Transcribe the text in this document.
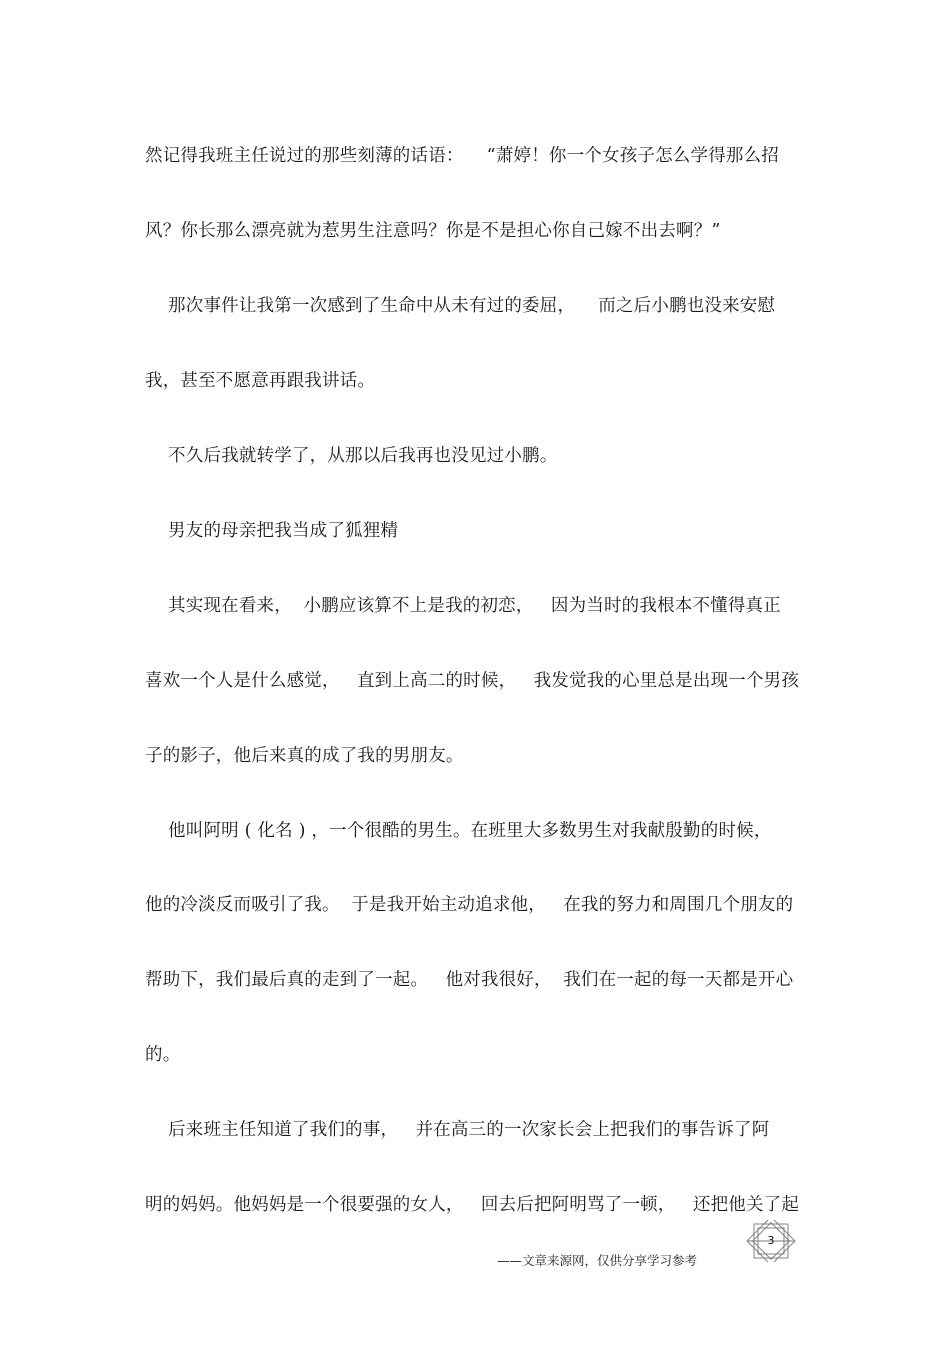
然记得我班主任说过的那些刻薄的话语：    “萧婷！你一个女孩子怎么学得那么招
风？你长那么漂亮就为惹男生注意吗？你是不是担心你自己嫁不出去啊？”
那次事件让我第一次感到了生命中从未有过的委屈，    而之后小鹏也没来安慰
我，甚至不愿意再跟我讲话。
不久后我就转学了，从那以后我再也没见过小鹏。
男友的母亲把我当成了狐狸精
其实现在看来，  小鹏应该算不上是我的初恋，   因为当时的我根本不懂得真正
喜欢一个人是什么感觉，   直到上高二的时候，   我发觉我的心里总是出现一个男孩
子的影子，他后来真的成了我的男朋友。
他叫阿明 ( 化名 ) ，一个很酷的男生。在班里大多数男生对我献殷勤的时候，
他的冷淡反而吸引了我。  于是我开始主动追求他，   在我的努力和周围几个朋友的
帮助下，我们最后真的走到了一起。   他对我很好，  我们在一起的每一天都是开心
的。
后来班主任知道了我们的事，   并在高三的一次家长会上把我们的事告诉了阿
明的妈妈。他妈妈是一个很要强的女人，   回去后把阿明骂了一顿，   还把他关了起
——文章来源网，仅供分享学习参考
3
